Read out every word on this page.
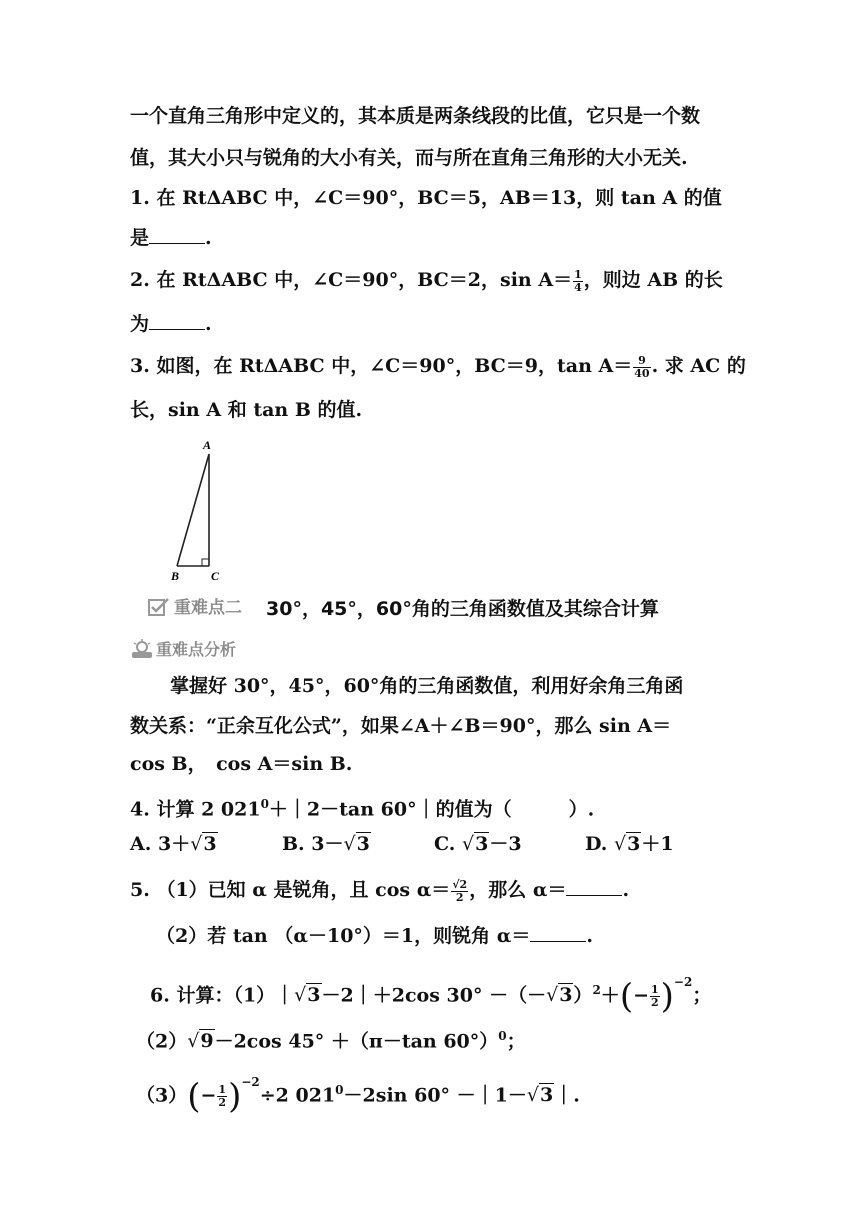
一个直角三角形中定义的，其本质是两条线段的比值，它只是一个数
值，其大小只与锐角的大小有关，而与所在直角三角形的大小无关.
1. 在 RtΔABC 中，∠C＝90°，BC＝5，AB＝13，则 tan A 的值
是	.
2. 在 RtΔABC 中，∠C＝90°，BC＝2，$\sin A= \frac{1}{4}$ ，则边 AB 的长
为	.
3. 如图，在 RtΔABC 中，∠C＝90°，BC＝9，$\tan A= \frac{9}{40}$ . 求 AC 的
长，sin A 和 tan B 的值.
A
B	C
重难点二 30°，45°，60°角的三角函数值及其综合计算
重难点分析
掌握好 30°，45°，60°角的三角函数值，利用好余角三角函
数关系：“正余互化公式”，如果∠A＋∠B＝90°，那么 sin A＝
cos B，　cos A＝sin B.
4. 计算 2 $021^0+|2-\tan$ 60°｜的值为（　　　）.
A. 3＋√3	B. 3－√3	C. √3－3	D. √3＋1
5. （1）已知 α 是锐角，且 $\cos \alpha= \frac{√2}{2}$ ，那么 α＝	.
（2）若 tan （α－10°）＝1，则锐角 α＝	.
6. 计算：（1）｜√3－2｜＋2cos $30^\circ -(-√3)^2+(- \frac{1}{2} )^{-2}$；
（2）√9－2cos 45° ＋（π－tan 60°）$^0$；
$(3)(- \frac{1}{2} )^{-2}\div 2$ $021^0-2\sin$ 60° －｜1－√3｜.
